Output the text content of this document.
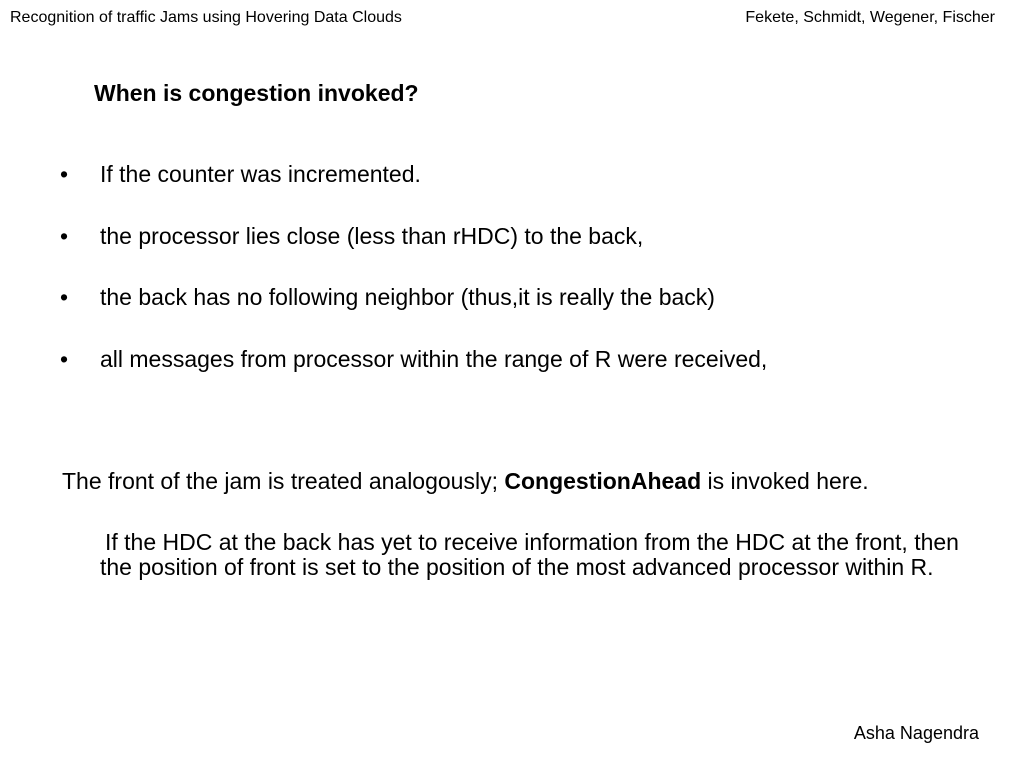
Recognition of traffic Jams using Hovering Data Clouds	Fekete, Schmidt, Wegener, Fischer
When is congestion invoked?
• If the counter was incremented.
• the processor lies close (less than rHDC) to the back,
• the back has no following neighbor (thus,it is really the back)
• all messages from processor within the range of R were received,

The front of the jam is treated analogously; CongestionAhead is invoked here.

If the HDC at the back has yet to receive information from the HDC at the front, then the position of front is set to the position of the most advanced processor within R.

Asha Nagendra
